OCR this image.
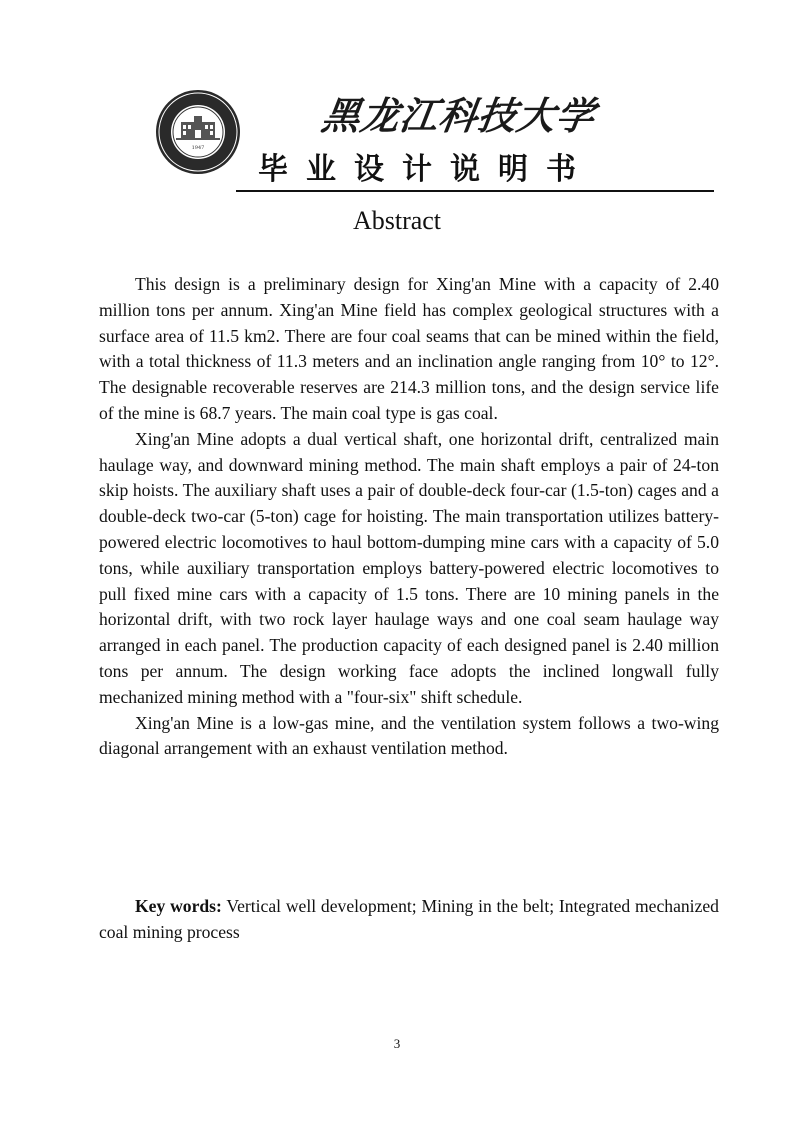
1947
黑龙江科技大学
毕业设计说明书
Abstract

This design is a preliminary design for Xing'an Mine with a capacity of 2.40 million tons per annum. Xing'an Mine field has complex geological structures with a surface area of 11.5 km2. There are four coal seams that can be mined within the field, with a total thickness of 11.3 meters and an inclination angle ranging from 10° to 12°. The designable recoverable reserves are 214.3 million tons, and the design service life of the mine is 68.7 years. The main coal type is gas coal.

Xing'an Mine adopts a dual vertical shaft, one horizontal drift, centralized main haulage way, and downward mining method. The main shaft employs a pair of 24-ton skip hoists. The auxiliary shaft uses a pair of double-deck four-car (1.5-ton) cages and a double-deck two-car (5-ton) cage for hoisting. The main transportation utilizes battery-powered electric locomotives to haul bottom-dumping mine cars with a capacity of 5.0 tons, while auxiliary transportation employs battery-powered electric locomotives to pull fixed mine cars with a capacity of 1.5 tons. There are 10 mining panels in the horizontal drift, with two rock layer haulage ways and one coal seam haulage way arranged in each panel. The production capacity of each designed panel is 2.40 million tons per annum. The design working face adopts the inclined longwall fully mechanized mining method with a "four-six" shift schedule.

Xing'an Mine is a low-gas mine, and the ventilation system follows a two-wing diagonal arrangement with an exhaust ventilation method.

Key words: Vertical well development; Mining in the belt; Integrated mechanized coal mining process
3
